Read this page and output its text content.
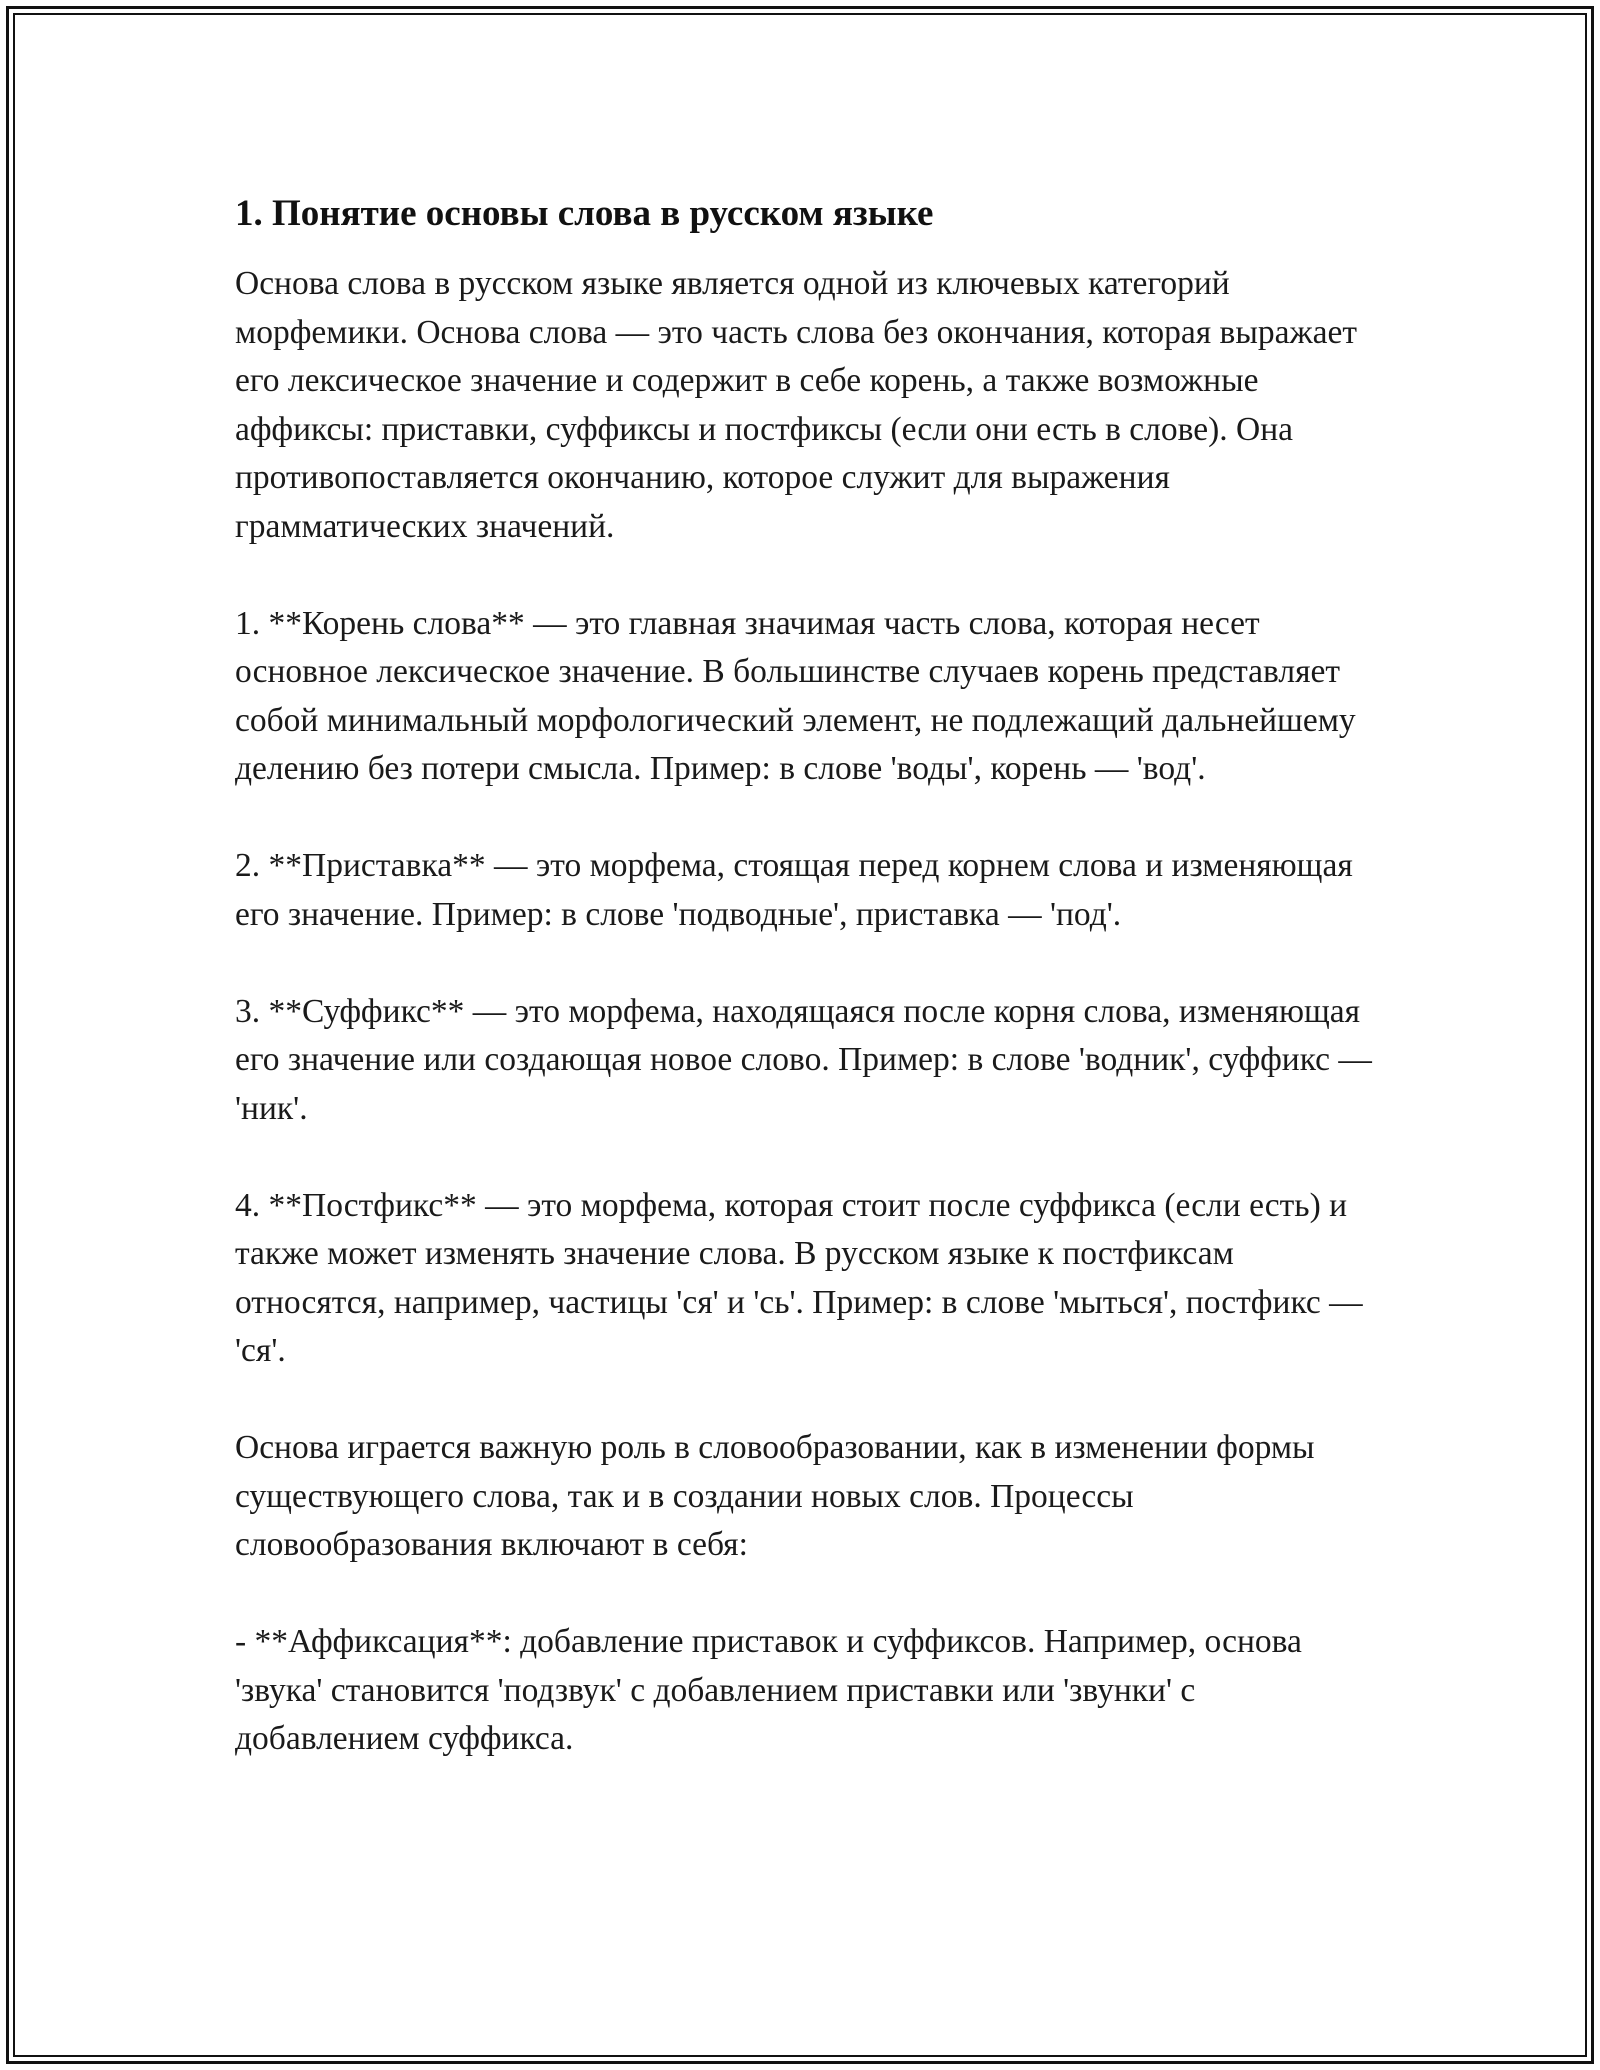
1. Понятие основы слова в русском языке

Основа слова в русском языке является одной из ключевых категорий морфемики. Основа слова — это часть слова без окончания, которая выражает его лексическое значение и содержит в себе корень, а также возможные аффиксы: приставки, суффиксы и постфиксы (если они есть в слове). Она противопоставляется окончанию, которое служит для выражения грамматических значений.

1. **Корень слова** — это главная значимая часть слова, которая несет основное лексическое значение. В большинстве случаев корень представляет собой минимальный морфологический элемент, не подлежащий дальнейшему делению без потери смысла. Пример: в слове 'воды', корень — 'вод'.

2. **Приставка** — это морфема, стоящая перед корнем слова и изменяющая его значение. Пример: в слове 'подводные', приставка — 'под'.

3. **Суффикс** — это морфема, находящаяся после корня слова, изменяющая его значение или создающая новое слово. Пример: в слове 'водник', суффикс — 'ник'.

4. **Постфикс** — это морфема, которая стоит после суффикса (если есть) и также может изменять значение слова. В русском языке к постфиксам относятся, например, частицы 'ся' и 'сь'. Пример: в слове 'мыться', постфикс — 'ся'.

Основа играется важную роль в словообразовании, как в изменении формы существующего слова, так и в создании новых слов. Процессы словообразования включают в себя:

- **Аффиксация**: добавление приставок и суффиксов. Например, основа 'звука' становится 'подзвук' с добавлением приставки или 'звунки' с добавлением суффикса.
